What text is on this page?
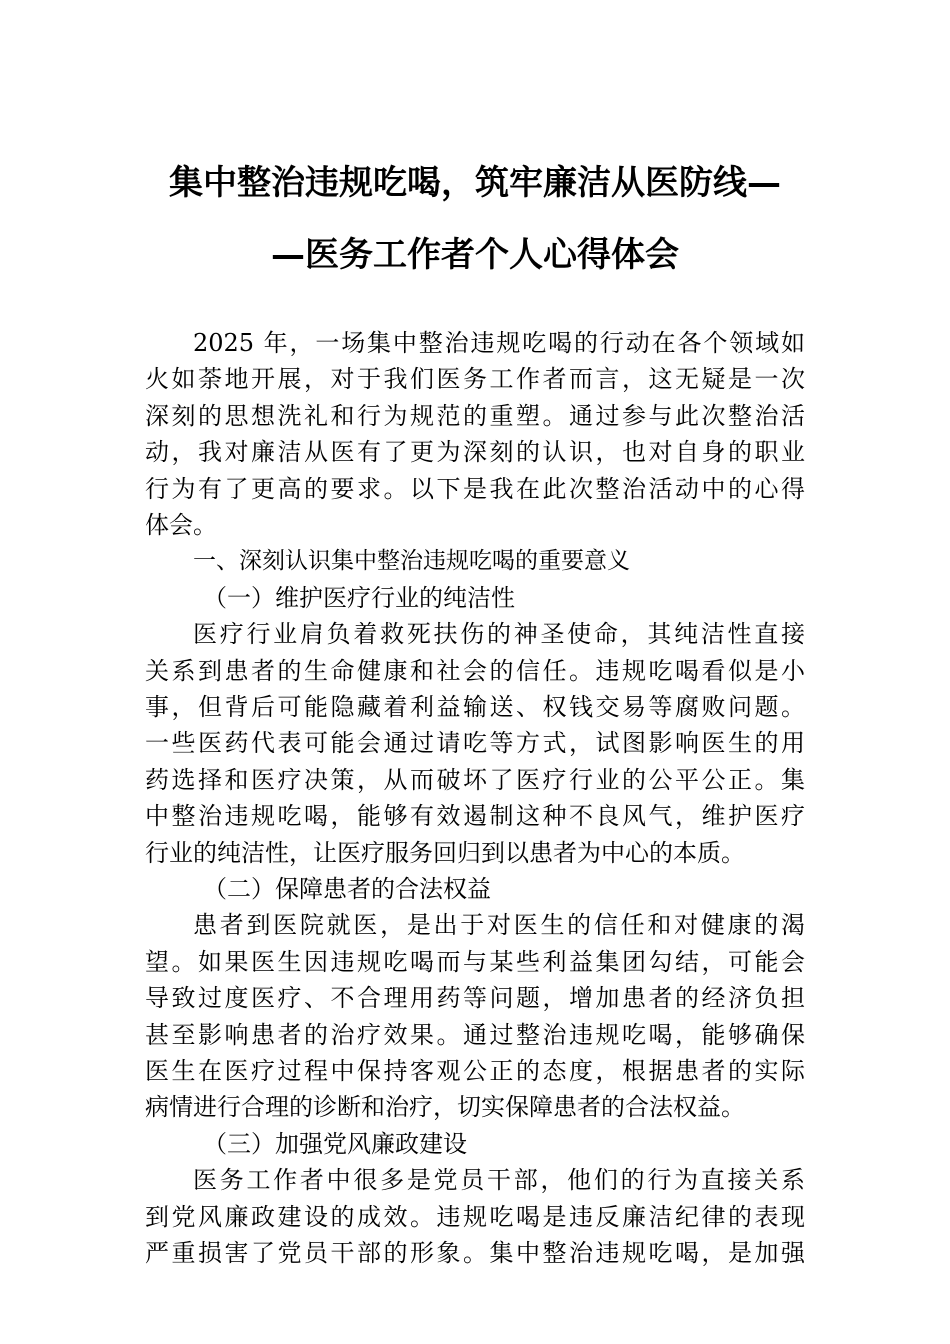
集中整治违规吃喝，筑牢廉洁从医防线—
—医务工作者个人心得体会
2025 年，一场集中整治违规吃喝的行动在各个领域如
火如荼地开展，对于我们医务工作者而言，这无疑是一次
深刻的思想洗礼和行为规范的重塑。通过参与此次整治活
动，我对廉洁从医有了更为深刻的认识，也对自身的职业
行为有了更高的要求。以下是我在此次整治活动中的心得
体会。
一、深刻认识集中整治违规吃喝的重要意义
（一）维护医疗行业的纯洁性
医疗行业肩负着救死扶伤的神圣使命，其纯洁性直接
关系到患者的生命健康和社会的信任。违规吃喝看似是小
事，但背后可能隐藏着利益输送、权钱交易等腐败问题。
一些医药代表可能会通过请吃等方式，试图影响医生的用
药选择和医疗决策，从而破坏了医疗行业的公平公正。集
中整治违规吃喝，能够有效遏制这种不良风气，维护医疗
行业的纯洁性，让医疗服务回归到以患者为中心的本质。
（二）保障患者的合法权益
患者到医院就医，是出于对医生的信任和对健康的渴
望。如果医生因违规吃喝而与某些利益集团勾结，可能会
导致过度医疗、不合理用药等问题，增加患者的经济负担
甚至影响患者的治疗效果。通过整治违规吃喝，能够确保
医生在医疗过程中保持客观公正的态度，根据患者的实际
病情进行合理的诊断和治疗，切实保障患者的合法权益。
（三）加强党风廉政建设
医务工作者中很多是党员干部，他们的行为直接关系
到党风廉政建设的成效。违规吃喝是违反廉洁纪律的表现
严重损害了党员干部的形象。集中整治违规吃喝，是加强
